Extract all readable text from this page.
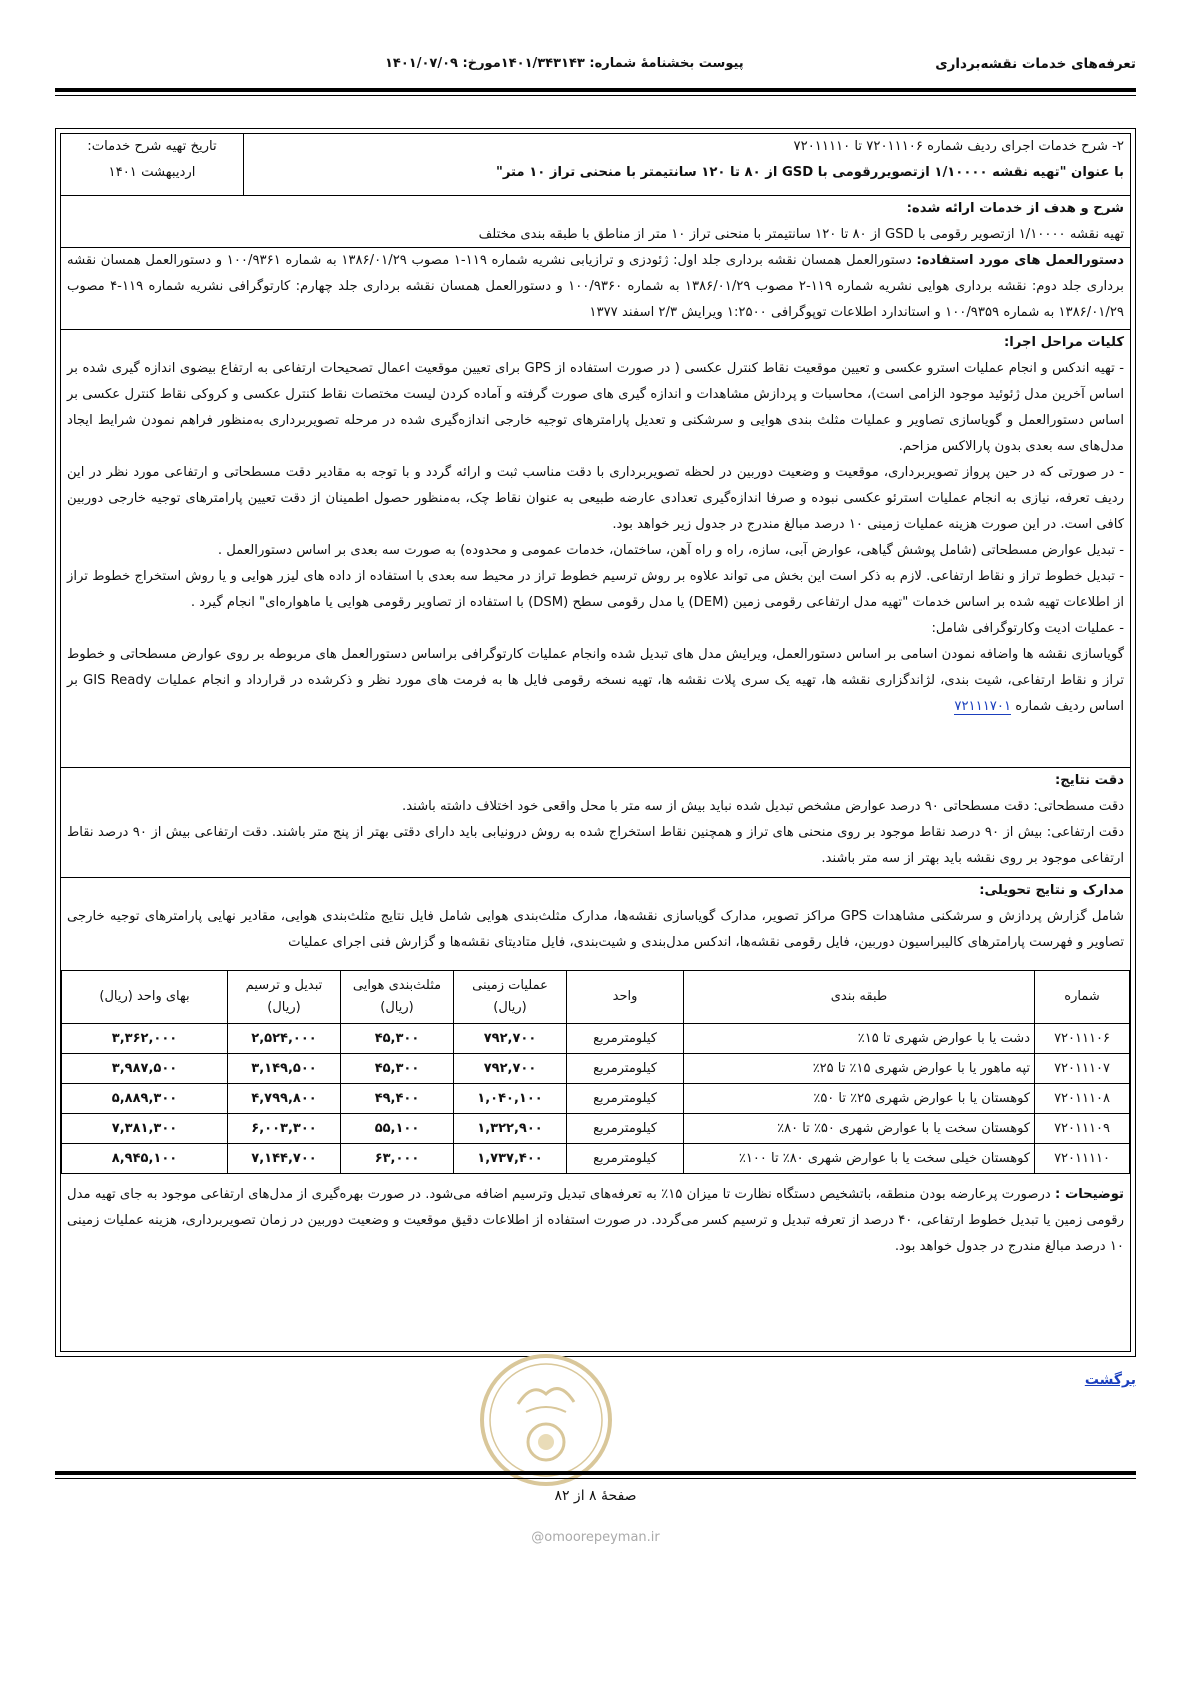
تعرفه‌های خدمات نقشه‌برداری
پیوست بخشنامهٔ شماره: ۱۴۰۱/۳۴۳۱۴۳مورخ: ۱۴۰۱/۰۷/۰۹
۲- شرح خدمات اجرای ردیف شماره ۷۲۰۱۱۱۰۶ تا ۷۲۰۱۱۱۱۰
با عنوان "تهیه نقشه ۱/۱۰۰۰۰ ازتصویررقومی با GSD از ۸۰ تا ۱۲۰ سانتیمتر با منحنی تراز ۱۰ متر"
تاریخ تهیه شرح خدمات:
اردیبهشت ۱۴۰۱

شرح و هدف از خدمات ارائه شده:

تهیه نقشه ۱/۱۰۰۰۰ ازتصویر رقومی با GSD از ۸۰ تا ۱۲۰ سانتیمتر با منحنی تراز ۱۰ متر از مناطق با طبقه بندی مختلف

دستورالعمل های مورد استفاده: دستورالعمل همسان نقشه برداری جلد اول: ژئودزی و ترازیابی نشریه شماره ۱۱۹-۱ مصوب ۱۳۸۶/۰۱/۲۹ به شماره ۱۰۰/۹۳۶۱ و دستورالعمل همسان نقشه برداری جلد دوم: نقشه برداری هوایی نشریه شماره ۱۱۹-۲ مصوب ۱۳۸۶/۰۱/۲۹ به شماره ۱۰۰/۹۳۶۰ و دستورالعمل همسان نقشه برداری جلد چهارم: کارتوگرافی نشریه شماره ۱۱۹-۴ مصوب ۱۳۸۶/۰۱/۲۹ به شماره ۱۰۰/۹۳۵۹ و استاندارد اطلاعات توپوگرافی ۱:۲۵۰۰ ویرایش ۲/۳ اسفند ۱۳۷۷

کلیات مراحل اجرا:

- تهیه اندکس و انجام عملیات استرو عکسی و تعیین موقعیت نقاط کنترل عکسی ( در صورت استفاده از GPS برای تعیین موقعیت اعمال تصحیحات ارتفاعی به ارتفاع بیضوی اندازه گیری شده بر اساس آخرین مدل ژئوئید موجود الزامی است)، محاسبات و پردازش مشاهدات و اندازه گیری های صورت گرفته و آماده کردن لیست مختصات نقاط کنترل عکسی و کروکی نقاط کنترل عکسی بر اساس دستورالعمل و گویاسازی تصاویر و عملیات مثلث بندی هوایی و سرشکنی و تعدیل پارامترهای توجیه خارجی اندازه‌گیری شده در مرحله تصویربرداری به‌منظور فراهم نمودن شرایط ایجاد مدل‌های سه بعدی بدون پارالاکس مزاحم.

- در صورتی که در حین پرواز تصویربرداری، موقعیت و وضعیت دوربین در لحظه تصویربرداری با دقت مناسب ثبت و ارائه گردد و با توجه به مقادیر دقت مسطحاتی و ارتفاعی مورد نظر در این ردیف تعرفه، نیازی به انجام عملیات استرئو عکسی نبوده و صرفا اندازه‌گیری تعدادی عارضه طبیعی به عنوان نقاط چک، به‌منظور حصول اطمینان از دقت تعیین پارامترهای توجیه خارجی دوربین کافی است. در این صورت هزینه عملیات زمینی ۱۰ درصد مبالغ مندرج در جدول زیر خواهد بود.

- تبدیل عوارض مسطحاتی (شامل پوشش گیاهی، عوارض آبی، سازه، راه و راه آهن، ساختمان، خدمات عمومی و محدوده) به صورت سه بعدی بر اساس دستورالعمل .

- تبدیل خطوط تراز و نقاط ارتفاعی. لازم به ذکر است این بخش می تواند علاوه بر روش ترسیم خطوط تراز در محیط سه بعدی با استفاده از داده های لیزر هوایی و یا روش استخراج خطوط تراز از اطلاعات تهیه شده بر اساس خدمات "تهیه مدل ارتفاعی رقومی زمین (DEM) یا مدل رقومی سطح (DSM) با استفاده از تصاویر رقومی هوایی یا ماهواره‌ای" انجام گیرد .

- عملیات ادیت وکارتوگرافی شامل:

گویاسازی نقشه ها واضافه نمودن اسامی بر اساس دستورالعمل، ویرایش مدل های تبدیل شده وانجام عملیات کارتوگرافی براساس دستورالعمل های مربوطه بر روی عوارض مسطحاتی و خطوط تراز و نقاط ارتفاعی، شیت بندی، لژاندگزاری نقشه ها، تهیه یک سری پلات نقشه ها، تهیه نسخه رقومی فایل ها به فرمت های مورد نظر و ذکرشده در قرارداد و انجام عملیات GIS Ready بر اساس ردیف شماره ۷۲۱۱۱۷۰۱

دقت نتایج:

دقت مسطحاتی: دقت مسطحاتی ۹۰ درصد عوارض مشخص تبدیل شده نباید بیش از سه متر با محل واقعی خود اختلاف داشته باشند.

دقت ارتفاعی: بیش از ۹۰ درصد نقاط موجود بر روی منحنی های تراز و همچنین نقاط استخراج شده به روش درونیابی باید دارای دقتی بهتر از پنج متر باشند. دقت ارتفاعی بیش از ۹۰ درصد نقاط ارتفاعی موجود بر روی نقشه باید بهتر از سه متر باشند.

مدارک و نتایج تحویلی:

شامل گزارش پردازش و سرشکنی مشاهدات GPS مراکز تصویر، مدارک گویاسازی نقشه‌ها، مدارک مثلث‌بندی هوایی شامل فایل نتایج مثلث‌بندی هوایی، مقادیر نهایی پارامترهای توجیه خارجی تصاویر و فهرست پارامترهای کالیبراسیون دوربین، فایل رقومی نقشه‌ها، اندکس مدل‌بندی و شیت‌بندی، فایل متادیتای نقشه‌ها و گزارش فنی اجرای عملیات

شماره	طبقه بندی	واحد	عملیات زمینی (ریال)	مثلث‌بندی هوایی (ریال)	تبدیل و ترسیم (ریال)	بهای واحد (ریال)
۷۲۰۱۱۱۰۶	دشت یا با عوارض شهری تا ۱۵٪	کیلومترمربع	۷۹۲,۷۰۰	۴۵,۳۰۰	۲,۵۲۴,۰۰۰	۳,۳۶۲,۰۰۰
۷۲۰۱۱۱۰۷	تپه ماهور یا با عوارض شهری ۱۵٪ تا ۲۵٪	کیلومترمربع	۷۹۲,۷۰۰	۴۵,۳۰۰	۳,۱۴۹,۵۰۰	۳,۹۸۷,۵۰۰
۷۲۰۱۱۱۰۸	کوهستان یا با عوارض شهری ۲۵٪ تا ۵۰٪	کیلومترمربع	۱,۰۴۰,۱۰۰	۴۹,۴۰۰	۴,۷۹۹,۸۰۰	۵,۸۸۹,۳۰۰
۷۲۰۱۱۱۰۹	کوهستان سخت یا با عوارض شهری ۵۰٪ تا ۸۰٪	کیلومترمربع	۱,۳۲۲,۹۰۰	۵۵,۱۰۰	۶,۰۰۳,۳۰۰	۷,۳۸۱,۳۰۰
۷۲۰۱۱۱۱۰	کوهستان خیلی سخت یا با عوارض شهری ۸۰٪ تا ۱۰۰٪	کیلومترمربع	۱,۷۳۷,۴۰۰	۶۳,۰۰۰	۷,۱۴۴,۷۰۰	۸,۹۴۵,۱۰۰

توضیحات : درصورت پرعارضه بودن منطقه، باتشخیص دستگاه نظارت تا میزان ۱۵٪ به تعرفه‌های تبدیل وترسیم اضافه می‌شود. در صورت بهره‌گیری از مدل‌های ارتفاعی موجود به جای تهیه مدل رقومی زمین یا تبدیل خطوط ارتفاعی، ۴۰ درصد از تعرفه تبدیل و ترسیم کسر می‌گردد. در صورت استفاده از اطلاعات دقیق موقعیت و وضعیت دوربین در زمان تصویربرداری، هزینه عملیات زمینی ۱۰ درصد مبالغ مندرج در جدول خواهد بود.

برگشت
صفحهٔ ۸ از ۸۲
@omoorepeyman.ir
